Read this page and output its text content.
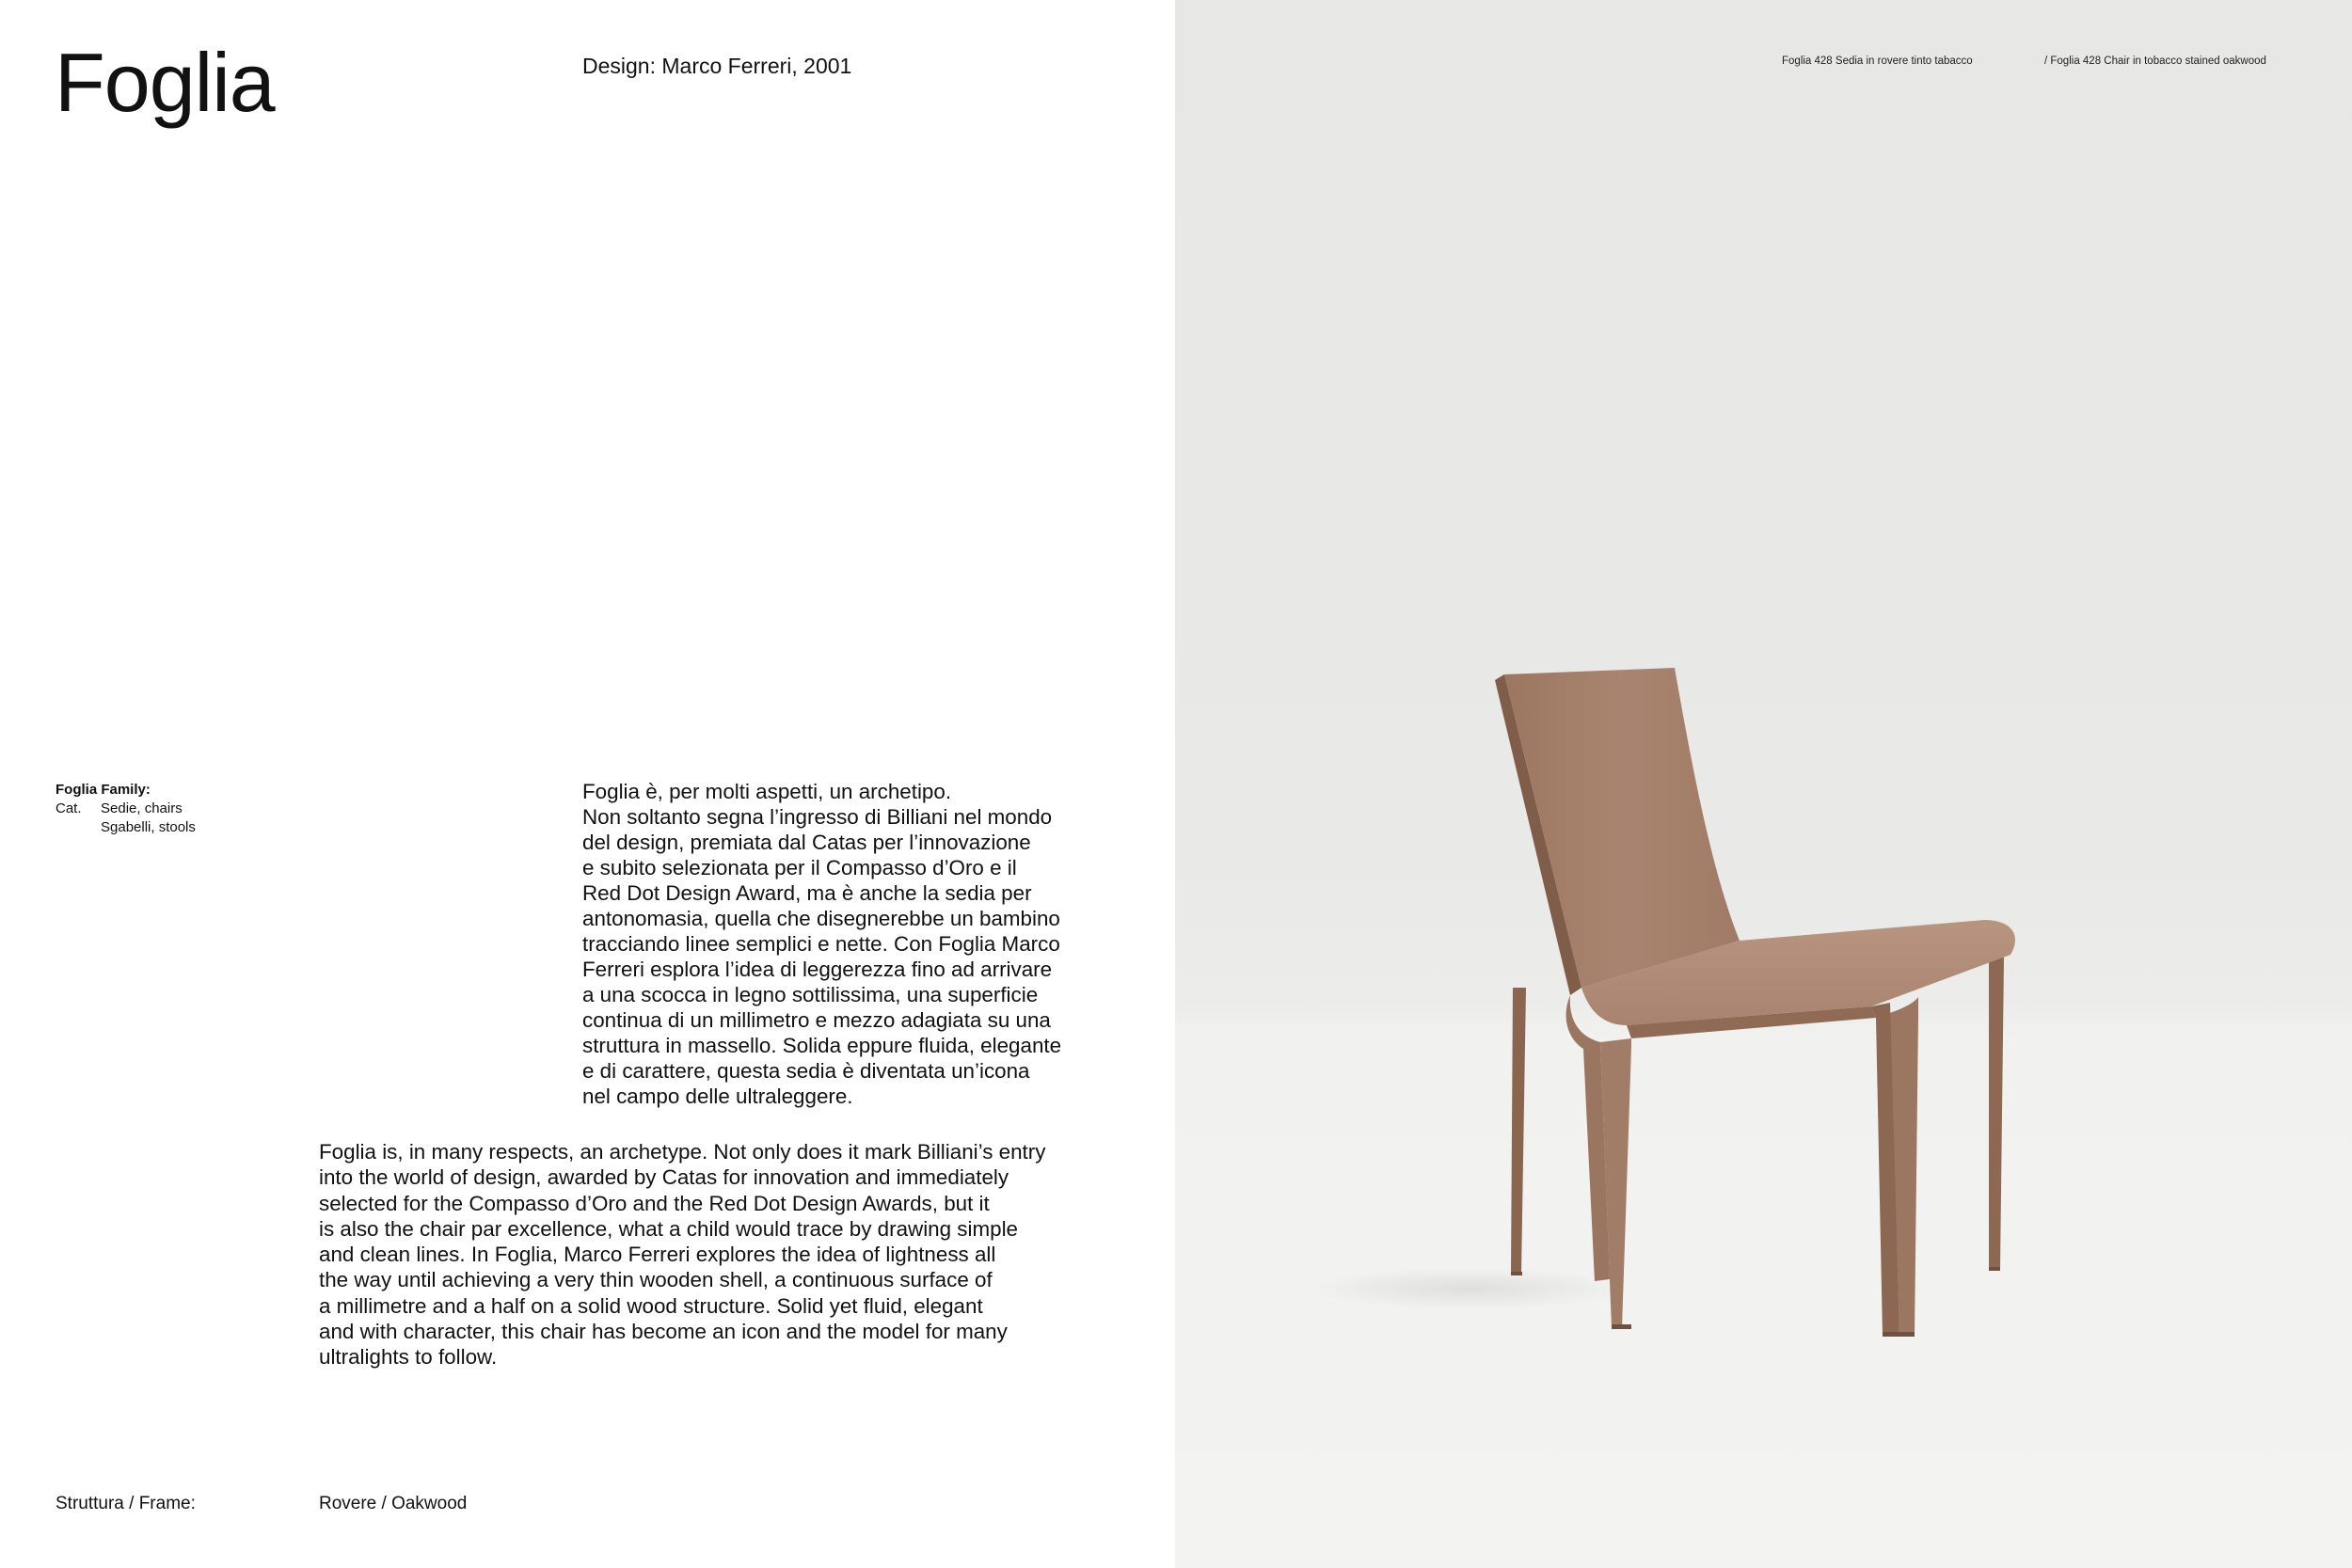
Foglia	Design: Marco Ferreri, 2001
Foglia Family:
Cat.	Sedie, chairs
Sgabelli, stools

Foglia è, per molti aspetti, un archetipo.
Non soltanto segna l’ingresso di Billiani nel mondo
del design, premiata dal Catas per l’innovazione
e subito selezionata per il Compasso d’Oro e il
Red Dot Design Award, ma è anche la sedia per
antonomasia, quella che disegnerebbe un bambino
tracciando linee semplici e nette. Con Foglia Marco
Ferreri esplora l’idea di leggerezza fino ad arrivare
a una scocca in legno sottilissima, una superficie
continua di un millimetro e mezzo adagiata su una
struttura in massello. Solida eppure fluida, elegante
e di carattere, questa sedia è diventata un’icona
nel campo delle ultraleggere.

Foglia is, in many respects, an archetype. Not only does it mark Billiani’s entry
into the world of design, awarded by Catas for innovation and immediately
selected for the Compasso d’Oro and the Red Dot Design Awards, but it
is also the chair par excellence, what a child would trace by drawing simple
and clean lines. In Foglia, Marco Ferreri explores the idea of lightness all
the way until achieving a very thin wooden shell, a continuous surface of
a millimetre and a half on a solid wood structure. Solid yet fluid, elegant
and with character, this chair has become an icon and the model for many
ultralights to follow.

Struttura / Frame:	Rovere / Oakwood
Foglia 428 Sedia in rovere tinto tabacco	/ Foglia 428 Chair in tobacco stained oakwood
